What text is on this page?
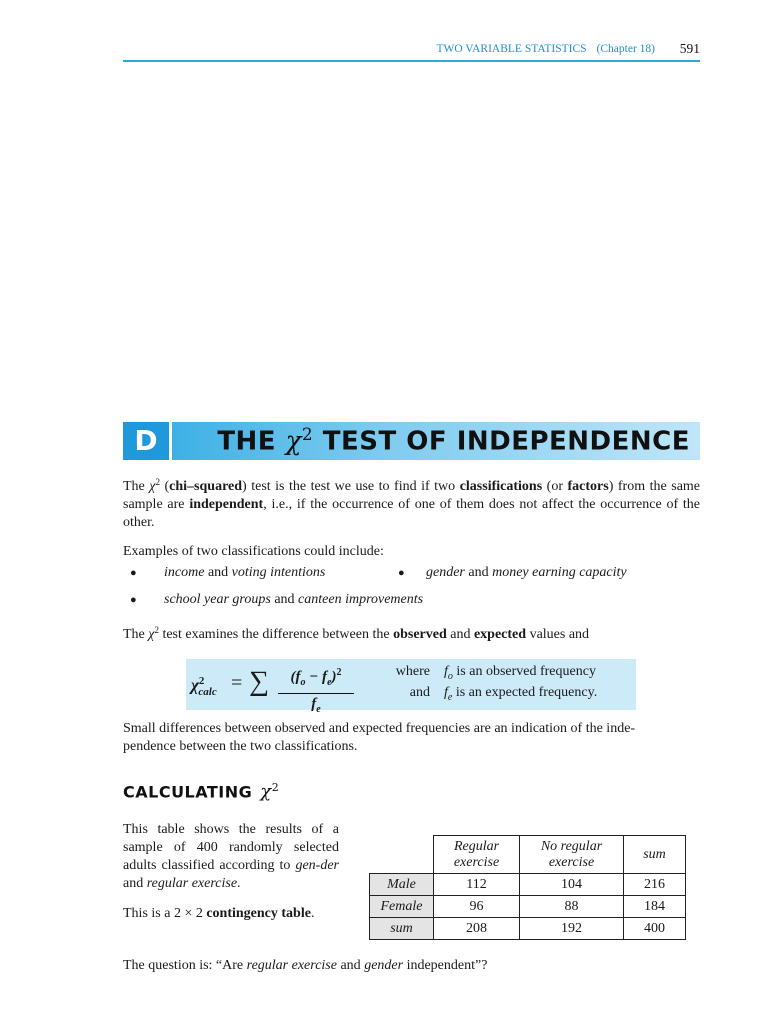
TWO VARIABLE STATISTICS (Chapter 18) 591
D	THE $\chi^2$ TEST OF INDEPENDENCE
The $\chi^2$ (chi–squared) test is the test we use to find if two classifications (or factors) from the same sample are independent, i.e., if the occurrence of one of them does not affect the occurrence of the other.
Examples of two classifications could include:
● income and voting intentions	● gender and money earning capacity
● school year groups and canteen improvements
The $\chi^2$ test examines the difference between the observed and expected values and
$\chi^2_{calc}$ = ∑ $\frac{(f_o - f_e)^2}{f_e}$	where $f_o$ is an observed frequency
and $f_e$ is an expected frequency.
Small differences between observed and expected frequencies are an indication of the inde-
pendence between the two classifications.
CALCULATING $\chi^2$
This table shows the results of a sample of 400 randomly selected adults classified according to gen-der and regular exercise.
This is a 2 × 2 contingency table.
	Regular exercise	No regular exercise	sum
Male	112	104	216
Female	96	88	184
sum	208	192	400
The question is: “Are regular exercise and gender independent”?
